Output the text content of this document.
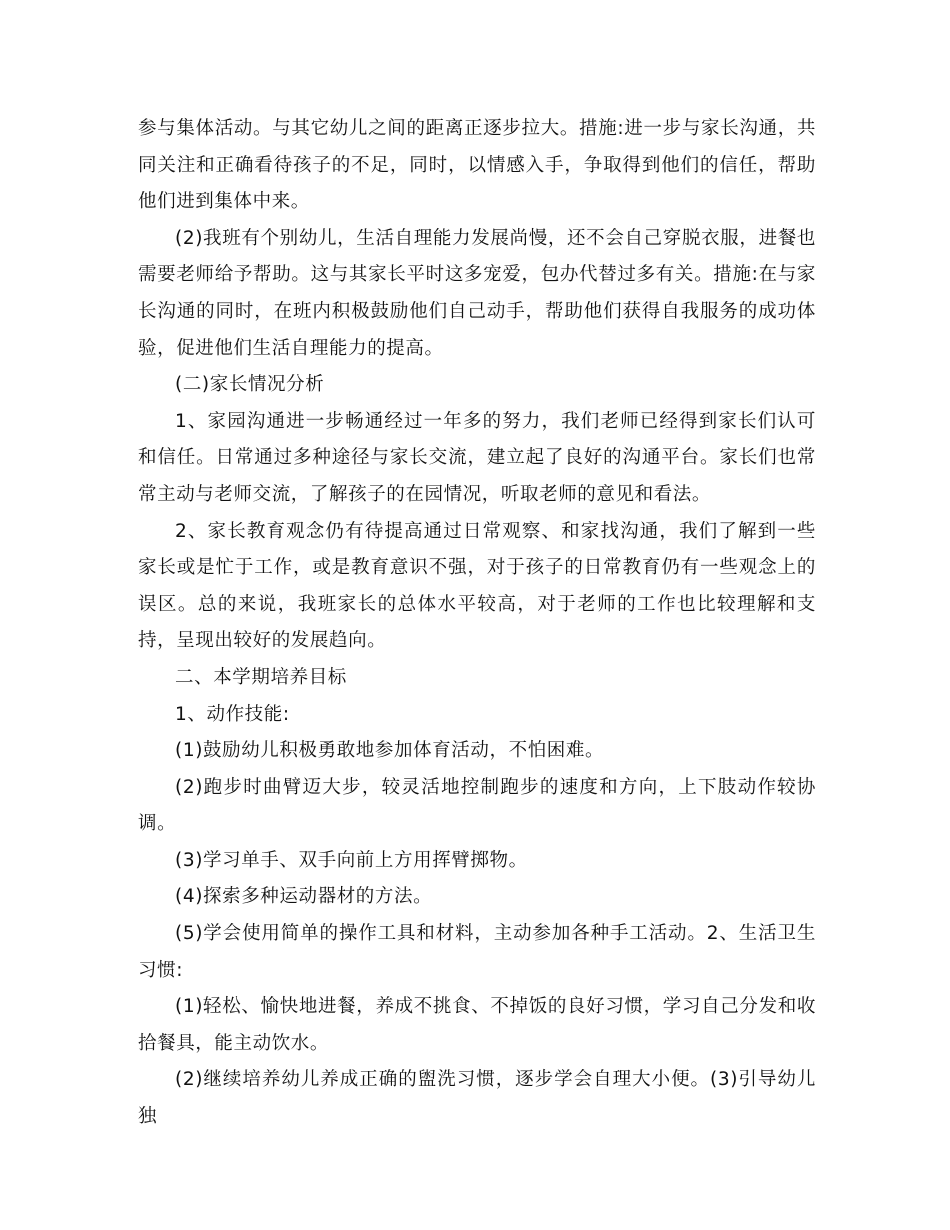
参与集体活动。与其它幼儿之间的距离正逐步拉大。措施:进一步与家长沟通，共同关注和正确看待孩子的不足，同时，以情感入手，争取得到他们的信任，帮助他们进到集体中来。

(2)我班有个别幼儿，生活自理能力发展尚慢，还不会自己穿脱衣服，进餐也需要老师给予帮助。这与其家长平时这多宠爱，包办代替过多有关。措施:在与家长沟通的同时，在班内积极鼓励他们自己动手，帮助他们获得自我服务的成功体验，促进他们生活自理能力的提高。

(二)家长情况分析

1、家园沟通进一步畅通经过一年多的努力，我们老师已经得到家长们认可和信任。日常通过多种途径与家长交流，建立起了良好的沟通平台。家长们也常常主动与老师交流，了解孩子的在园情况，听取老师的意见和看法。

2、家长教育观念仍有待提高通过日常观察、和家找沟通，我们了解到一些家长或是忙于工作，或是教育意识不强，对于孩子的日常教育仍有一些观念上的误区。总的来说，我班家长的总体水平较高，对于老师的工作也比较理解和支持，呈现出较好的发展趋向。

二、本学期培养目标

1、动作技能:

(1)鼓励幼儿积极勇敢地参加体育活动，不怕困难。

(2)跑步时曲臂迈大步，较灵活地控制跑步的速度和方向，上下肢动作较协调。

(3)学习单手、双手向前上方用挥臂掷物。

(4)探索多种运动器材的方法。

(5)学会使用简单的操作工具和材料，主动参加各种手工活动。2、生活卫生习惯:

(1)轻松、愉快地进餐，养成不挑食、不掉饭的良好习惯，学习自己分发和收拾餐具，能主动饮水。

(2)继续培养幼儿养成正确的盥洗习惯，逐步学会自理大小便。(3)引导幼儿独
